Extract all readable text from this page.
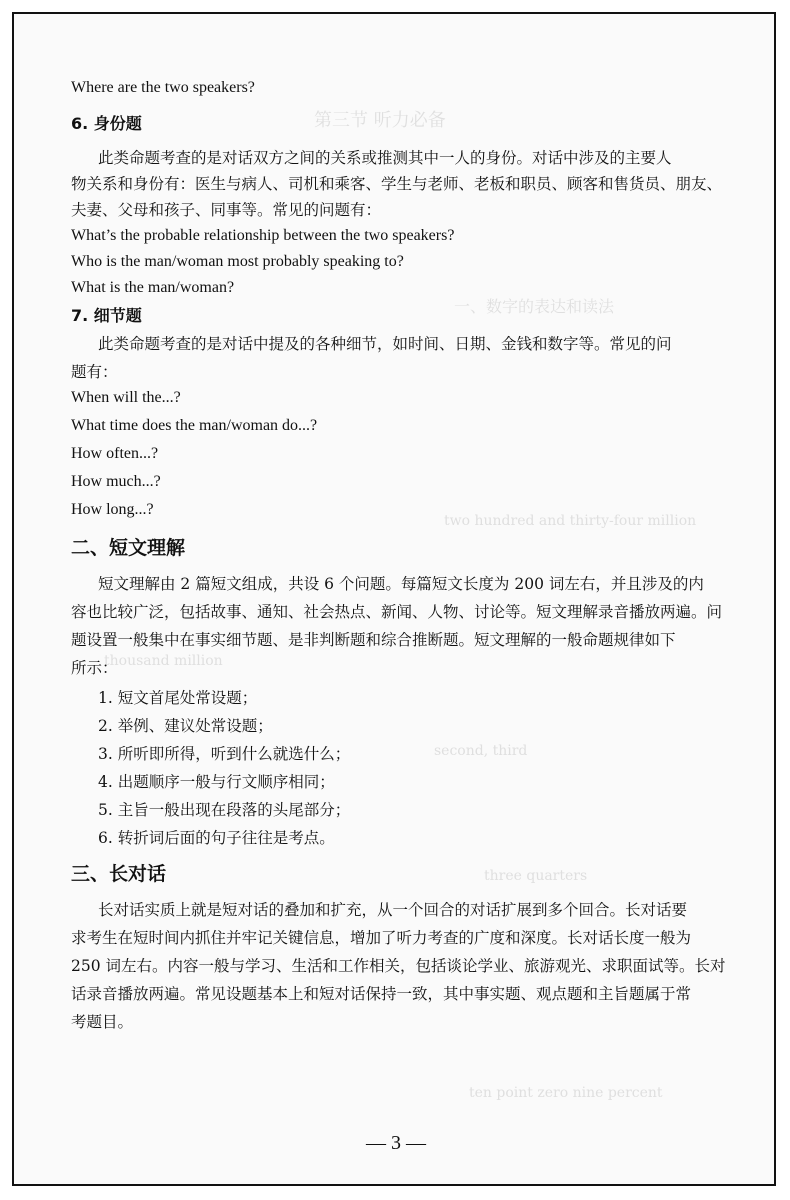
第三节 听力必备
一、数字的表达和读法
two hundred and thirty-four million
thousand million
second, third
three quarters
ten point zero nine percent
Where are the two speakers?
6. 身份题
此类命题考查的是对话双方之间的关系或推测其中一人的身份。对话中涉及的主要人
物关系和身份有：医生与病人、司机和乘客、学生与老师、老板和职员、顾客和售货员、朋友、
夫妻、父母和孩子、同事等。常见的问题有：
What’s the probable relationship between the two speakers?
Who is the man/woman most probably speaking to?
What is the man/woman?
7. 细节题
此类命题考查的是对话中提及的各种细节，如时间、日期、金钱和数字等。常见的问
题有：
When will the...?
What time does the man/woman do...?
How often...?
How much...?
How long...?
二、短文理解
短文理解由 2 篇短文组成，共设 6 个问题。每篇短文长度为 200 词左右，并且涉及的内
容也比较广泛，包括故事、通知、社会热点、新闻、人物、讨论等。短文理解录音播放两遍。问
题设置一般集中在事实细节题、是非判断题和综合推断题。短文理解的一般命题规律如下
所示：
1. 短文首尾处常设题；
2. 举例、建议处常设题；
3. 所听即所得，听到什么就选什么；
4. 出题顺序一般与行文顺序相同；
5. 主旨一般出现在段落的头尾部分；
6. 转折词后面的句子往往是考点。
三、长对话
长对话实质上就是短对话的叠加和扩充，从一个回合的对话扩展到多个回合。长对话要
求考生在短时间内抓住并牢记关键信息，增加了听力考查的广度和深度。长对话长度一般为
250 词左右。内容一般与学习、生活和工作相关，包括谈论学业、旅游观光、求职面试等。长对
话录音播放两遍。常见设题基本上和短对话保持一致，其中事实题、观点题和主旨题属于常
考题目。
— 3 —
